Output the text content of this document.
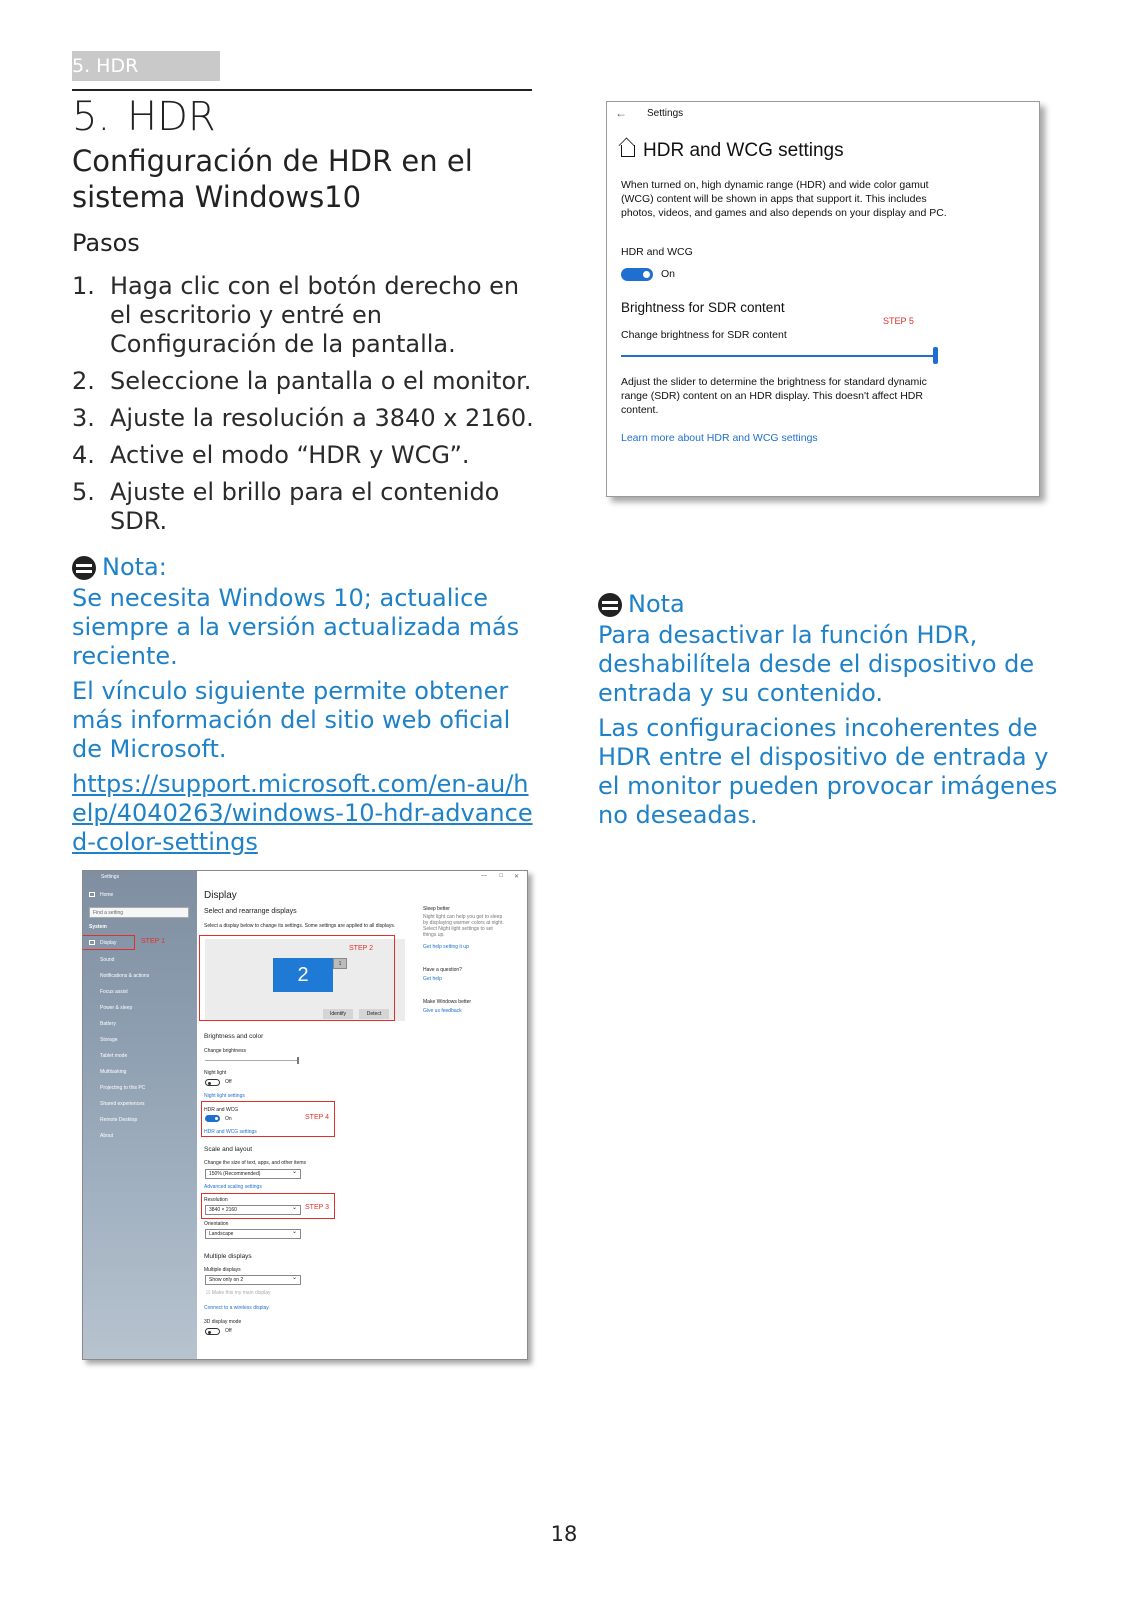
5. HDR
5. HDR
Configuración de HDR en el sistema Windows10
Pasos
1. Haga clic con el botón derecho en el escritorio y entré en Configuración de la pantalla.
2. Seleccione la pantalla o el monitor.
3. Ajuste la resolución a 3840 x 2160.
4. Active el modo “HDR y WCG”.
5. Ajuste el brillo para el contenido SDR.
Nota:

Se necesita Windows 10; actualice siempre a la versión actualizada más reciente.

El vínculo siguiente permite obtener más información del sitio web oficial de Microsoft.

https://support.microsoft.com/en-au/help/4040263/windows-10-hdr-advanced-color-settings

Nota

Para desactivar la función HDR, deshabilítela desde el dispositivo de entrada y su contenido.

Las configuraciones incoherentes de HDR entre el dispositivo de entrada y el monitor pueden provocar imágenes no deseadas.

← Settings
HDR and WCG settings
When turned on, high dynamic range (HDR) and wide color gamut (WCG) content will be shown in apps that support it. This includes photos, videos, and games and also depends on your display and PC.
HDR and WCG
On
Brightness for SDR content
STEP 5
Change brightness for SDR content
Adjust the slider to determine the brightness for standard dynamic range (SDR) content on an HDR display. This doesn't affect HDR content.
Learn more about HDR and WCG settings
Settings
Home
Find a setting
System
Display
Sound
Notifications & actions
Focus assist
Power & sleep
Battery
Storage
Tablet mode
Multitasking
Projecting to this PC
Shared experiences
Remote Desktop
About
STEP 1
— □ ✕
Display
Select and rearrange displays
Select a display below to change its settings. Some settings are applied to all displays.
2	1
Identify	Detect
STEP 2
Brightness and color
Change brightness
Night light
Off
Night light settings
HDR and WCG
On
HDR and WCG settings
STEP 4
Scale and layout
Change the size of text, apps, and other items
150% (Recommended) ⌄
Advanced scaling settings
Resolution
3840 × 2160 ⌄	STEP 3
Orientation
Landscape ⌄
Multiple displays
Multiple displays
Show only on 2 ⌄
☑ Make this my main display
Connect to a wireless display
3D display mode
Off
Sleep better
Night light can help you get to sleep by displaying warmer colors at night. Select Night light settings to set things up.
Get help setting it up
Have a question?
Get help
Make Windows better
Give us feedback
18
